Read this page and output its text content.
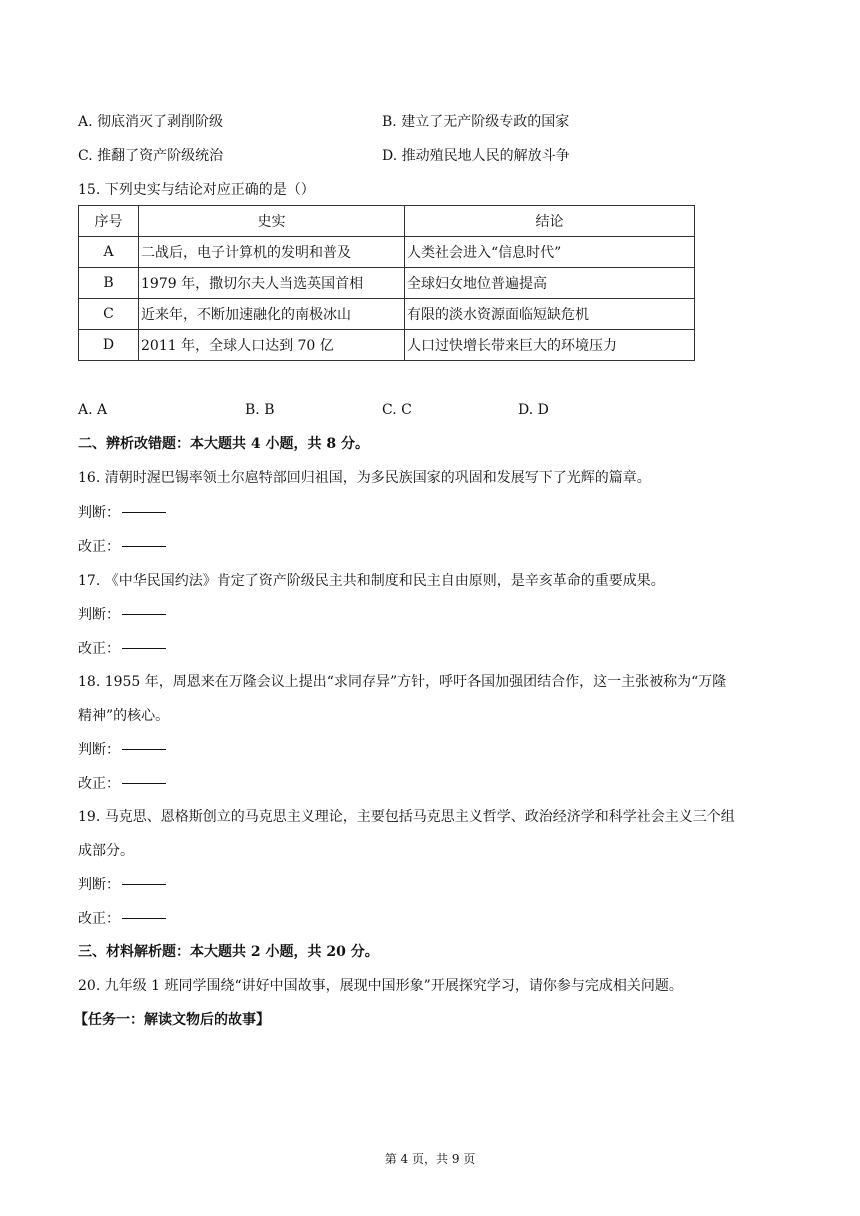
A. 彻底消灭了剥削阶级	B. 建立了无产阶级专政的国家
C. 推翻了资产阶级统治	D. 推动殖民地人民的解放斗争
15. 下列史实与结论对应正确的是（）
序号	史实	结论
A	二战后，电子计算机的发明和普及	人类社会进入“信息时代”
B	1979 年，撒切尔夫人当选英国首相	全球妇女地位普遍提高
C	近来年，不断加速融化的南极冰山	有限的淡水资源面临短缺危机
D	2011 年，全球人口达到 70 亿	人口过快增长带来巨大的环境压力
A. A	B. B	C. C	D. D
二、辨析改错题：本大题共 4 小题，共 8 分。
16. 清朝时渥巴锡率领土尔扈特部回归祖国，为多民族国家的巩固和发展写下了光辉的篇章。
判断：
改正：
17. 《中华民国约法》肯定了资产阶级民主共和制度和民主自由原则，是辛亥革命的重要成果。
判断：
改正：
18. 1955 年，周恩来在万隆会议上提出“求同存异”方针，呼吁各国加强团结合作，这一主张被称为“万隆
精神”的核心。
判断：
改正：
19. 马克思、恩格斯创立的马克思主义理论，主要包括马克思主义哲学、政治经济学和科学社会主义三个组
成部分。
判断：
改正：
三、材料解析题：本大题共 2 小题，共 20 分。
20. 九年级 1 班同学围绕“讲好中国故事，展现中国形象”开展探究学习，请你参与完成相关问题。
【任务一：解读文物后的故事】
第 4 页，共 9 页
